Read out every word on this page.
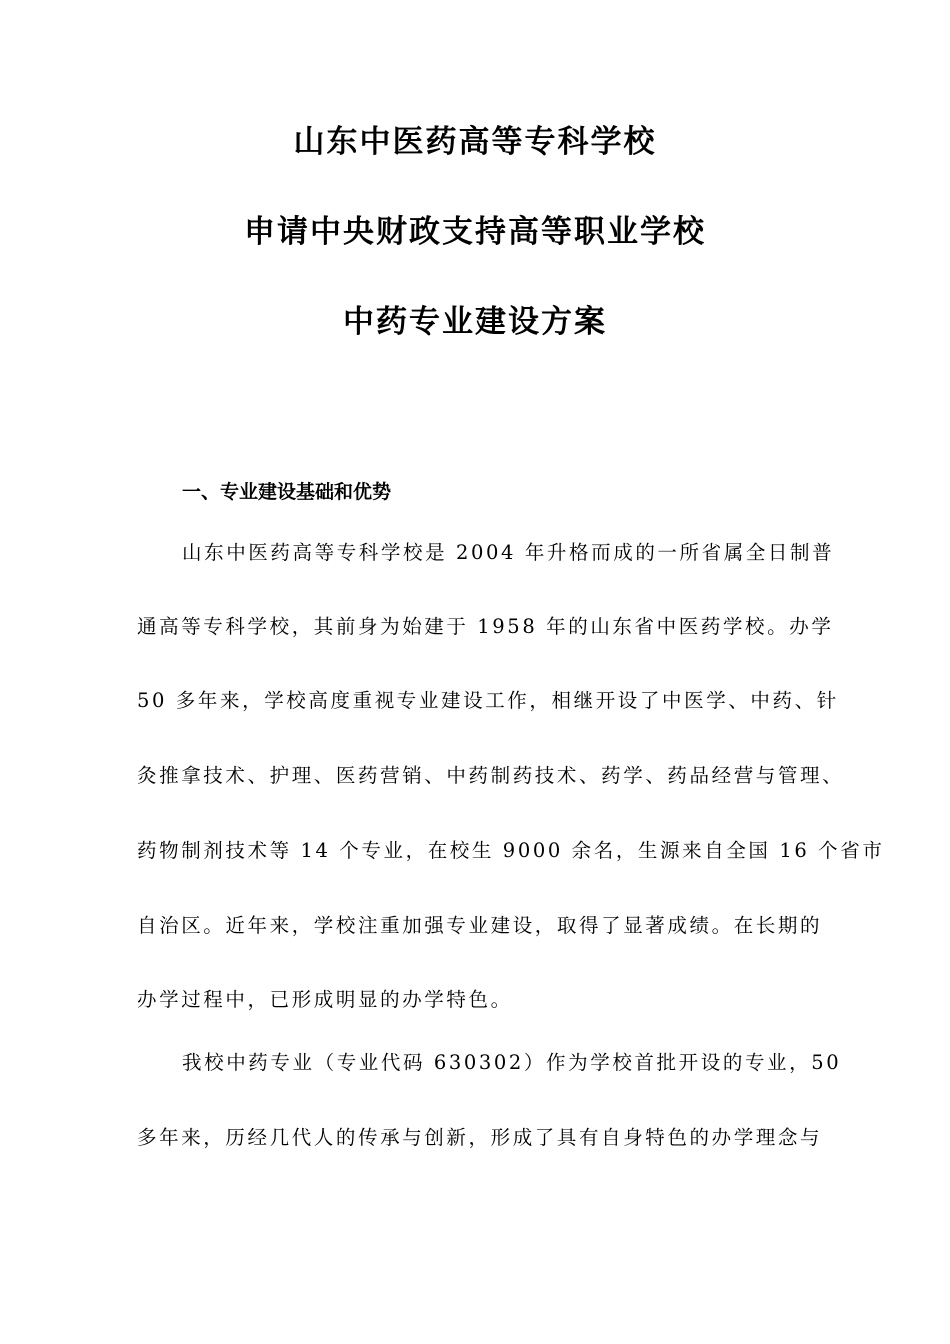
山东中医药高等专科学校
申请中央财政支持高等职业学校
中药专业建设方案
一、专业建设基础和优势
山东中医药高等专科学校是 2004 年升格而成的一所省属全日制普
通高等专科学校，其前身为始建于 1958 年的山东省中医药学校。办学
50 多年来，学校高度重视专业建设工作，相继开设了中医学、中药、针
灸推拿技术、护理、医药营销、中药制药技术、药学、药品经营与管理、
药物制剂技术等 14 个专业，在校生 9000 余名，生源来自全国 16 个省市
自治区。近年来，学校注重加强专业建设，取得了显著成绩。在长期的
办学过程中，已形成明显的办学特色。
我校中药专业（专业代码 630302）作为学校首批开设的专业，50
多年来，历经几代人的传承与创新，形成了具有自身特色的办学理念与
